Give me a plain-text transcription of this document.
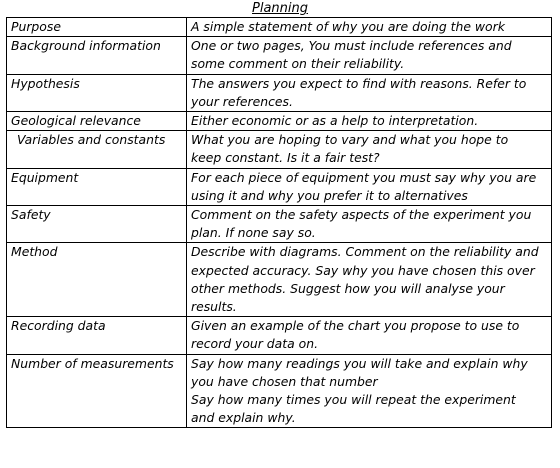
Planning
Purpose	A simple statement of why you are doing the work

Background information	One or two pages, You must include references and
some comment on their reliability.

Hypothesis	The answers you expect to find with reasons. Refer to
your references.

Geological relevance	Either economic or as a help to interpretation.

Variables and constants	What you are hoping to vary and what you hope to
keep constant. Is it a fair test?

Equipment	For each piece of equipment you must say why you are
using it and why you prefer it to alternatives

Safety	Comment on the safety aspects of the experiment you
plan. If none say so.

Method	Describe with diagrams. Comment on the reliability and
expected accuracy. Say why you have chosen this over
other methods. Suggest how you will analyse your
results.

Recording data	Given an example of the chart you propose to use to
record your data on.

Number of measurements	Say how many readings you will take and explain why
you have chosen that number
Say how many times you will repeat the experiment
and explain why.
